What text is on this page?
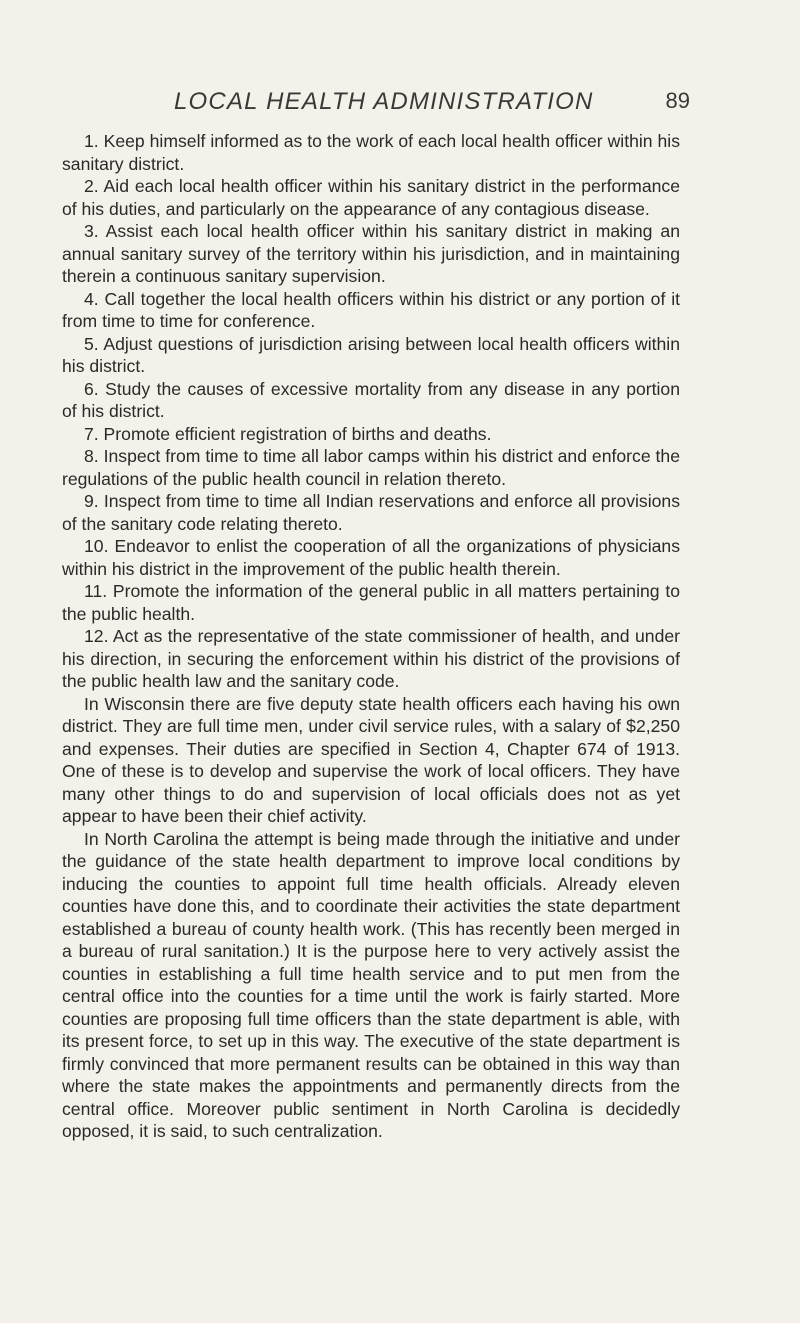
LOCAL HEALTH ADMINISTRATION	89

1. Keep himself informed as to the work of each local health officer within his sanitary district.

2. Aid each local health officer within his sanitary district in the performance of his duties, and particularly on the appearance of any contagious disease.

3. Assist each local health officer within his sanitary district in making an annual sanitary survey of the territory within his jurisdiction, and in maintaining therein a continuous sanitary supervision.

4. Call together the local health officers within his district or any portion of it from time to time for conference.

5. Adjust questions of jurisdiction arising between local health officers within his district.

6. Study the causes of excessive mortality from any disease in any portion of his district.

7. Promote efficient registration of births and deaths.

8. Inspect from time to time all labor camps within his district and enforce the regulations of the public health council in relation thereto.

9. Inspect from time to time all Indian reservations and enforce all provisions of the sanitary code relating thereto.

10. Endeavor to enlist the cooperation of all the organizations of physicians within his district in the improvement of the public health therein.

11. Promote the information of the general public in all matters pertaining to the public health.

12. Act as the representative of the state commissioner of health, and under his direction, in securing the enforcement within his district of the provisions of the public health law and the sanitary code.

In Wisconsin there are five deputy state health officers each having his own district. They are full time men, under civil service rules, with a salary of $2,250 and expenses. Their duties are specified in Section 4, Chapter 674 of 1913. One of these is to develop and supervise the work of local officers. They have many other things to do and supervision of local officials does not as yet appear to have been their chief activity.

In North Carolina the attempt is being made through the initiative and under the guidance of the state health department to improve local conditions by inducing the counties to appoint full time health officials. Already eleven counties have done this, and to coordinate their activities the state department established a bureau of county health work. (This has recently been merged in a bureau of rural sanitation.) It is the purpose here to very actively assist the counties in establishing a full time health service and to put men from the central office into the counties for a time until the work is fairly started. More counties are proposing full time officers than the state department is able, with its present force, to set up in this way. The executive of the state department is firmly convinced that more permanent results can be obtained in this way than where the state makes the appointments and permanently directs from the central office. Moreover public sentiment in North Carolina is decidedly opposed, it is said, to such centralization.
